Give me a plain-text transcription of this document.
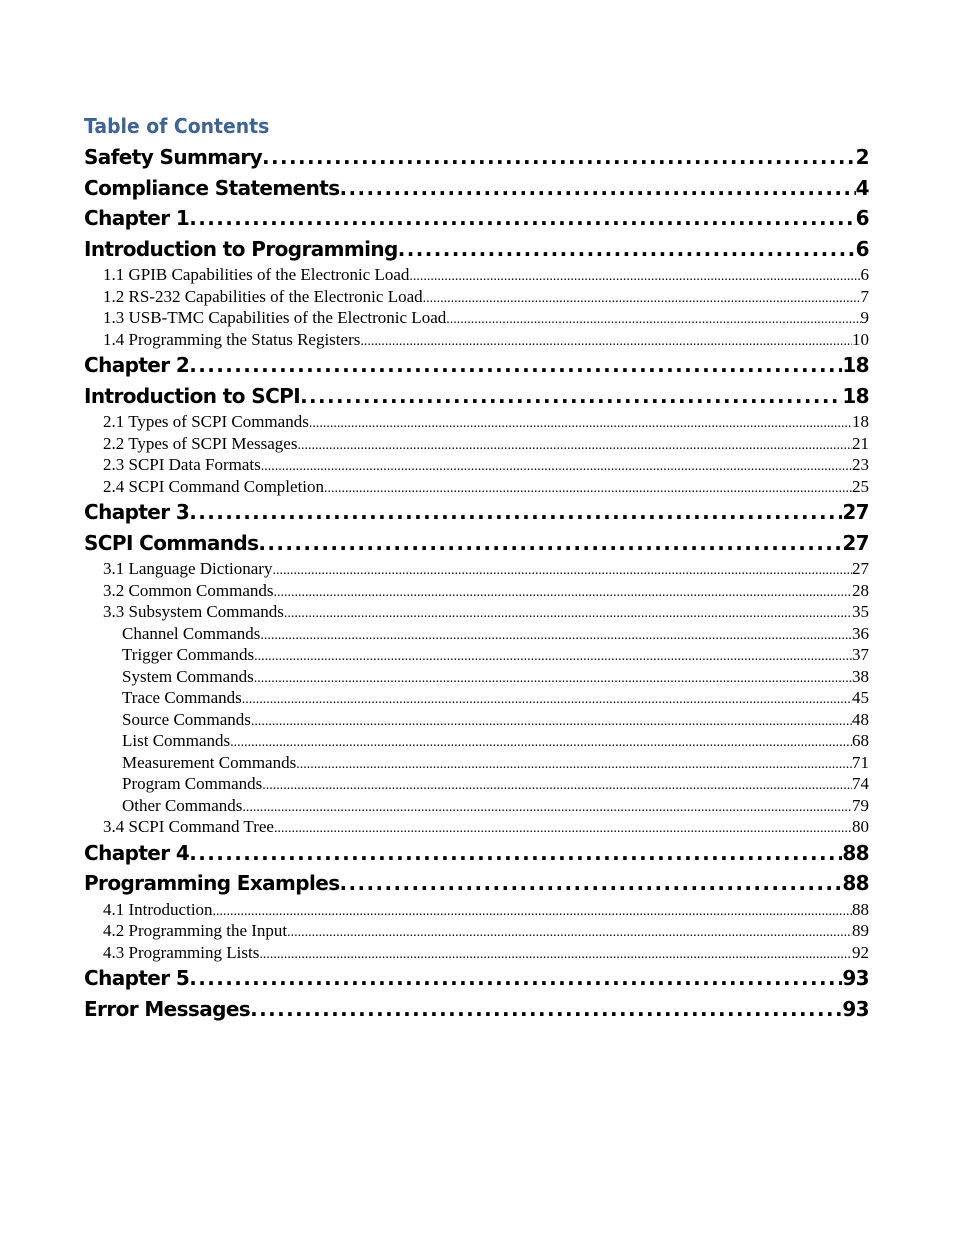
Table of Contents
Safety Summary .....	2
Compliance Statements .....	4
Chapter 1 .....	6
Introduction to Programming .....	6
1.1 GPIB Capabilities of the Electronic Load .....	6
1.2 RS-232 Capabilities of the Electronic Load .....	7
1.3 USB-TMC Capabilities of the Electronic Load .....	9
1.4 Programming the Status Registers .....	10
Chapter 2 .....	18
Introduction to SCPI .....	18
2.1 Types of SCPI Commands .....	18
2.2 Types of SCPI Messages .....	21
2.3 SCPI Data Formats .....	23
2.4 SCPI Command Completion .....	25
Chapter 3 .....	27
SCPI Commands .....	27
3.1 Language Dictionary .....	27
3.2 Common Commands .....	28
3.3 Subsystem Commands .....	35
Channel Commands .....	36
Trigger Commands .....	37
System Commands .....	38
Trace Commands .....	45
Source Commands .....	48
List Commands .....	68
Measurement Commands .....	71
Program Commands .....	74
Other Commands .....	79
3.4 SCPI Command Tree .....	80
Chapter 4 .....	88
Programming Examples .....	88
4.1 Introduction .....	88
4.2 Programming the Input .....	89
4.3 Programming Lists .....	92
Chapter 5 .....	93
Error Messages .....	93
